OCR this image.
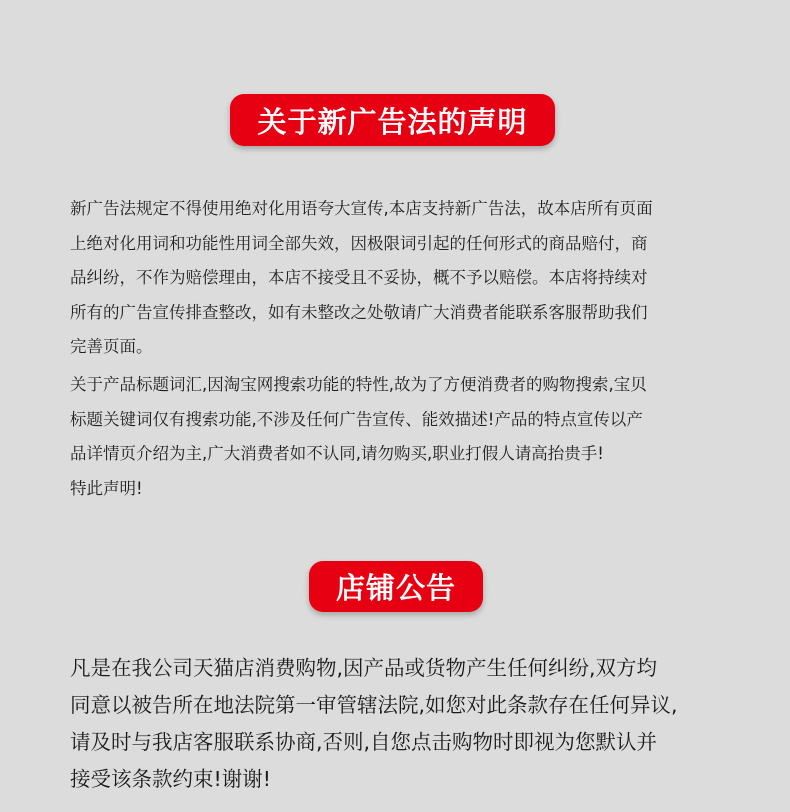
关于新广告法的声明
新广告法规定不得使用绝对化用语夸大宣传,本店支持新广告法，故本店所有页面
上绝对化用词和功能性用词全部失效，因极限词引起的任何形式的商品赔付，商
品纠纷，不作为赔偿理由，本店不接受且不妥协，概不予以赔偿。本店将持续对
所有的广告宣传排查整改，如有未整改之处敬请广大消费者能联系客服帮助我们
完善页面。
关于产品标题词汇,因淘宝网搜索功能的特性,故为了方便消费者的购物搜索,宝贝
标题关键词仅有搜索功能,不涉及任何广告宣传、能效描述!产品的特点宣传以产
品详情页介绍为主,广大消费者如不认同,请勿购买,职业打假人请高抬贵手!
特此声明!
店铺公告
凡是在我公司天猫店消费购物,因产品或货物产生任何纠纷,双方均
同意以被告所在地法院第一审管辖法院,如您对此条款存在任何异议,
请及时与我店客服联系协商,否则,自您点击购物时即视为您默认并
接受该条款约束!谢谢!
